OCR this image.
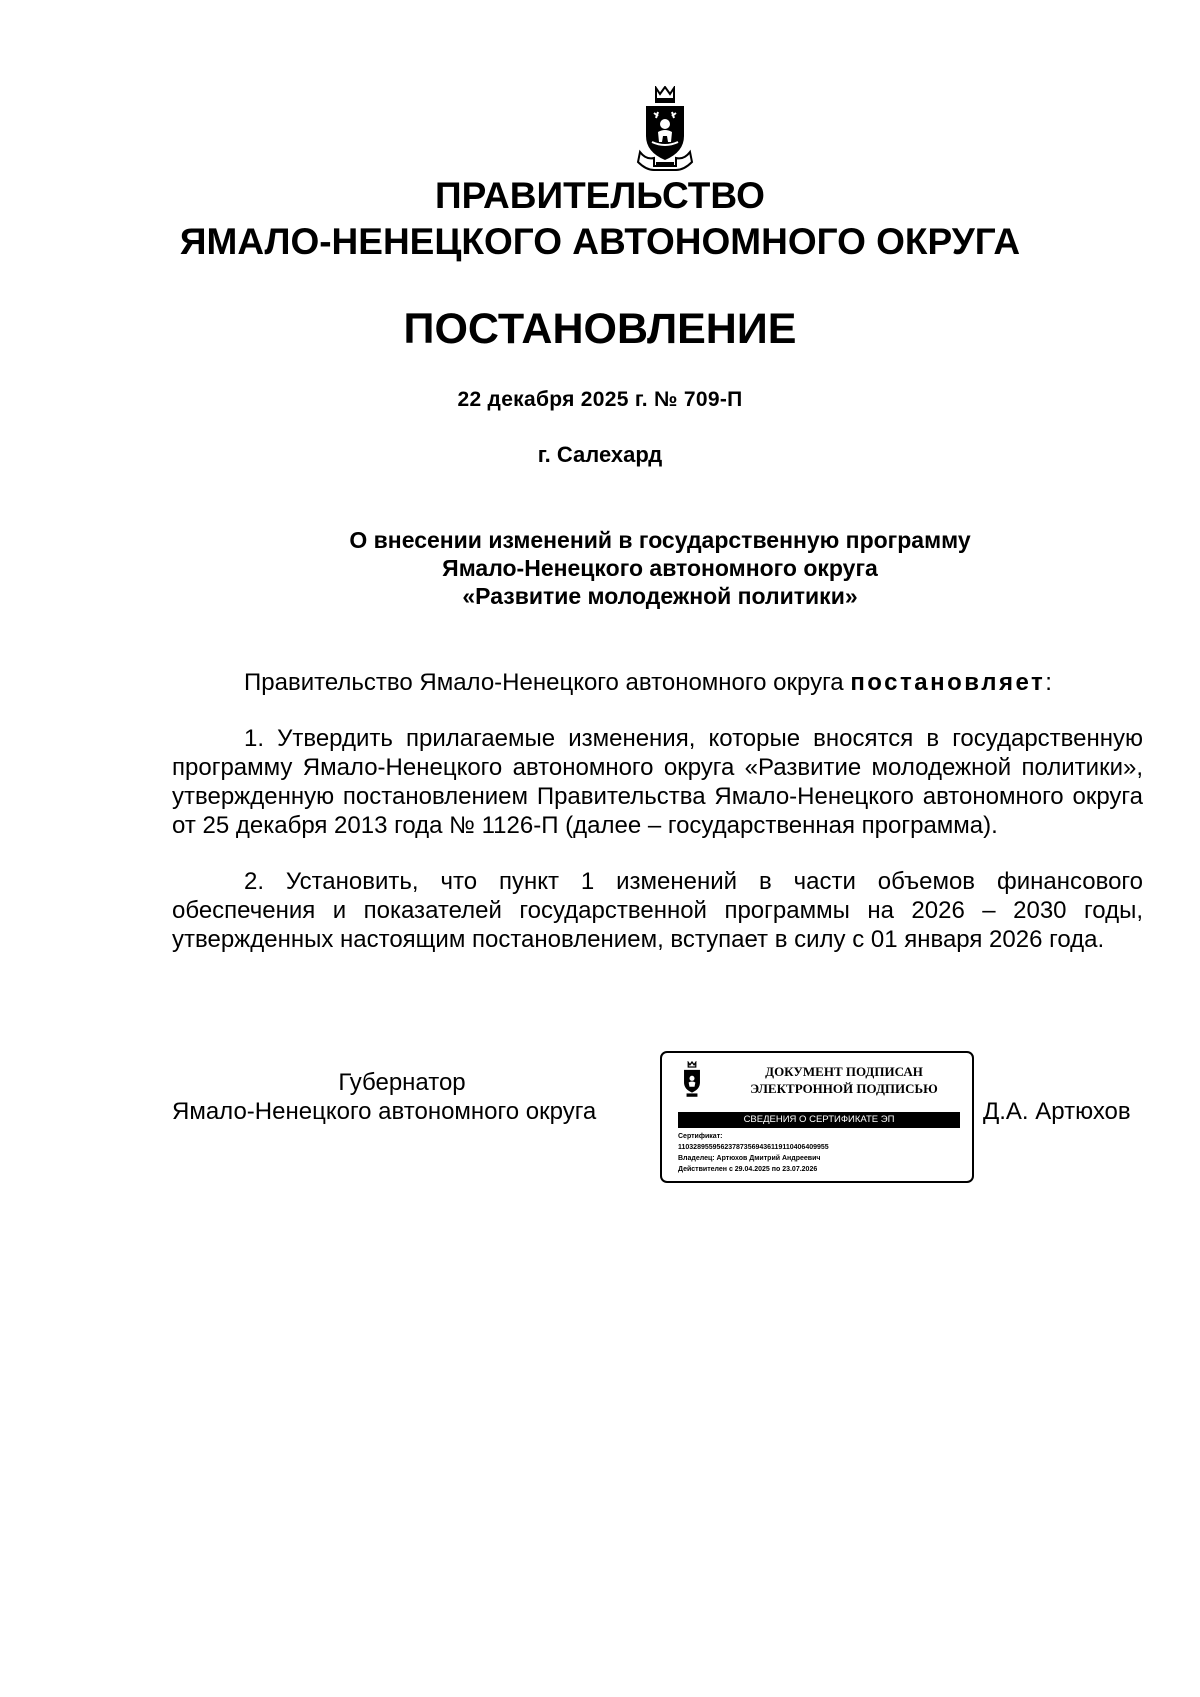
ПРАВИТЕЛЬСТВО
ЯМАЛО-НЕНЕЦКОГО АВТОНОМНОГО ОКРУГА
ПОСТАНОВЛЕНИЕ
22 декабря 2025 г. № 709-П
г. Салехард
О внесении изменений в государственную программу
Ямало-Ненецкого автономного округа
«Развитие молодежной политики»
Правительство Ямало-Ненецкого автономного округа постановляет:
1. Утвердить прилагаемые изменения, которые вносятся в государственную программу Ямало-Ненецкого автономного округа «Развитие молодежной политики», утвержденную постановлением Правительства Ямало-Ненецкого автономного округа от 25 декабря 2013 года № 1126-П (далее – государственная программа).
2. Установить, что пункт 1 изменений в части объемов финансового обеспечения и показателей государственной программы на 2026 – 2030 годы, утвержденных настоящим постановлением, вступает в силу с 01 января 2026 года.
Губернатор
Ямало-Ненецкого автономного округа
ДОКУМЕНТ ПОДПИСАН
ЭЛЕКТРОННОЙ ПОДПИСЬЮ
СВЕДЕНИЯ О СЕРТИФИКАТЕ ЭП
Сертификат:
110328955956237873569436119110406409955
Владелец: Артюхов Дмитрий Андреевич
Действителен с 29.04.2025 по 23.07.2026
Д.А. Артюхов
